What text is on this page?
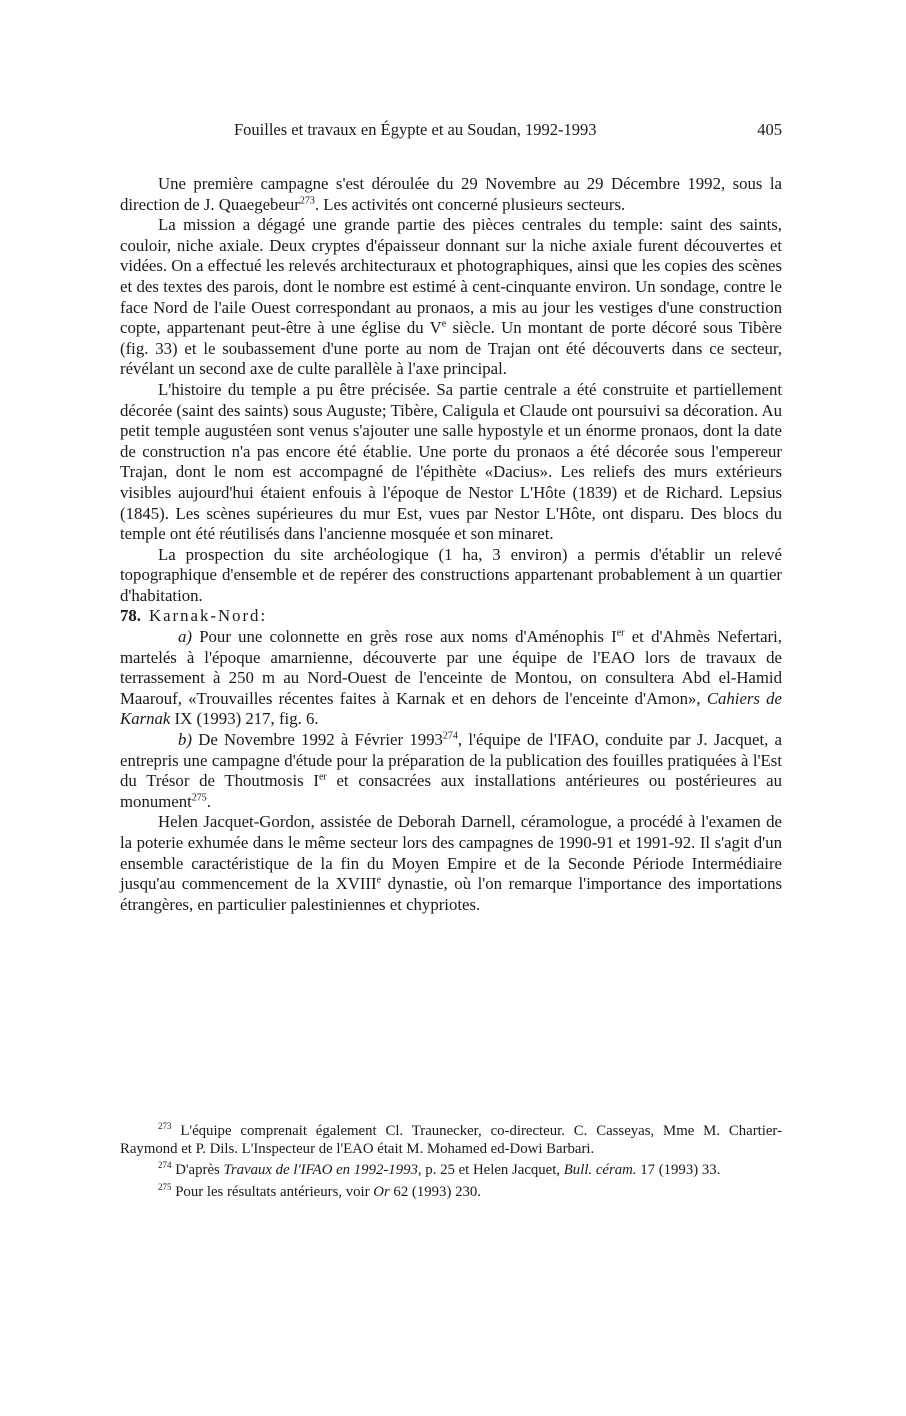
Fouilles et travaux en Égypte et au Soudan, 1992-1993	405

Une première campagne s'est déroulée du 29 Novembre au 29 Décembre 1992, sous la direction de J. Quaegebeur$^{273}$. Les activités ont concerné plusieurs secteurs.

La mission a dégagé une grande partie des pièces centrales du temple: saint des saints, couloir, niche axiale. Deux cryptes d'épaisseur donnant sur la niche axiale furent découvertes et vidées. On a effectué les relevés architecturaux et photographiques, ainsi que les copies des scènes et des textes des parois, dont le nombre est estimé à cent-cinquante environ. Un sondage, contre le face Nord de l'aile Ouest correspondant au pronaos, a mis au jour les vestiges d'une construction copte, appartenant peut-être à une église du Ve siècle. Un montant de porte décoré sous Tibère (fig. 33) et le soubassement d'une porte au nom de Trajan ont été découverts dans ce secteur, révélant un second axe de culte parallèle à l'axe principal.

L'histoire du temple a pu être précisée. Sa partie centrale a été construite et partiellement décorée (saint des saints) sous Auguste; Tibère, Caligula et Claude ont poursuivi sa décoration. Au petit temple augustéen sont venus s'ajouter une salle hypostyle et un énorme pronaos, dont la date de construction n'a pas encore été établie. Une porte du pronaos a été décorée sous l'empereur Trajan, dont le nom est accompagné de l'épithète «Dacius». Les reliefs des murs extérieurs visibles aujourd'hui étaient enfouis à l'époque de Nestor L'Hôte (1839) et de Richard. Lepsius (1845). Les scènes supérieures du mur Est, vues par Nestor L'Hôte, ont disparu. Des blocs du temple ont été réutilisés dans l'ancienne mosquée et son minaret.

La prospection du site archéologique (1 ha, 3 environ) a permis d'établir un relevé topographique d'ensemble et de repérer des constructions appartenant probablement à un quartier d'habitation.

78. Karnak-Nord:

a) Pour une colonnette en grès rose aux noms d'Aménophis Ier et d'Ahmès Nefertari, martelés à l'époque amarnienne, découverte par une équipe de l'EAO lors de travaux de terrassement à 250 m au Nord-Ouest de l'enceinte de Montou, on consultera Abd el-Hamid Maarouf, «Trouvailles récentes faites à Karnak et en dehors de l'enceinte d'Amon», Cahiers de Karnak IX (1993) 217, fig. 6.

b) De Novembre 1992 à Février 1993$^{274}$, l'équipe de l'IFAO, conduite par J. Jacquet, a entrepris une campagne d'étude pour la préparation de la publication des fouilles pratiquées à l'Est du Trésor de Thoutmosis Ier et consacrées aux installations antérieures ou postérieures au monument$^{275}$.

Helen Jacquet-Gordon, assistée de Deborah Darnell, céramologue, a procédé à l'examen de la poterie exhumée dans le même secteur lors des campagnes de 1990-91 et 1991-92. Il s'agit d'un ensemble caractéristique de la fin du Moyen Empire et de la Seconde Période Intermédiaire jusqu'au commencement de la XVIIIe dynastie, où l'on remarque l'importance des importations étrangères, en particulier palestiniennes et chypriotes.

$^{273}$ L'équipe comprenait également Cl. Traunecker, co-directeur. C. Casseyas, Mme M. Chartier-Raymond et P. Dils. L'Inspecteur de l'EAO était M. Mohamed ed-Dowi Barbari.

$^{274}$ D'après Travaux de l'IFAO en 1992-1993, p. 25 et Helen Jacquet, Bull. céram. 17 (1993) 33.

$^{275}$ Pour les résultats antérieurs, voir Or 62 (1993) 230.
